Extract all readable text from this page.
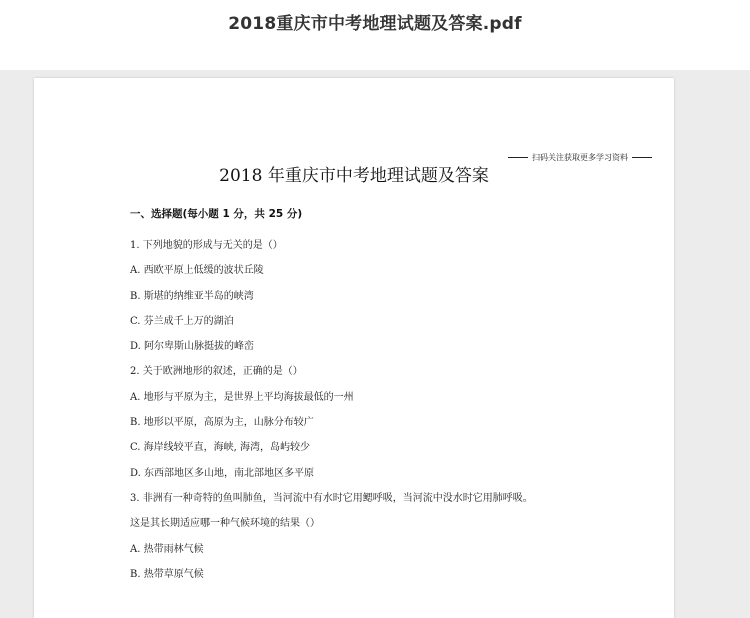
2018重庆市中考地理试题及答案.pdf
扫码关注获取更多学习资料
2018 年重庆市中考地理试题及答案
一、选择题(每小题 1 分，共 25 分)
1. 下列地貌的形成与无关的是（）
A. 西欧平原上低缓的波状丘陵
B. 斯堪的纳维亚半岛的峡湾
C. 芬兰成千上万的湖泊
D. 阿尔卑斯山脉挺拔的峰峦
2. 关于欧洲地形的叙述，正确的是（）
A. 地形与平原为主，是世界上平均海拔最低的一州
B. 地形以平原，高原为主，山脉分布较广
C. 海岸线较平直，海峡, 海湾，岛屿较少
D. 东西部地区多山地，南北部地区多平原
3. 非洲有一种奇特的鱼叫肺鱼，当河流中有水时它用鳃呼吸，当河流中没水时它用肺呼吸。
这是其长期适应哪一种气候环境的结果（）
A. 热带雨林气候
B. 热带草原气候
